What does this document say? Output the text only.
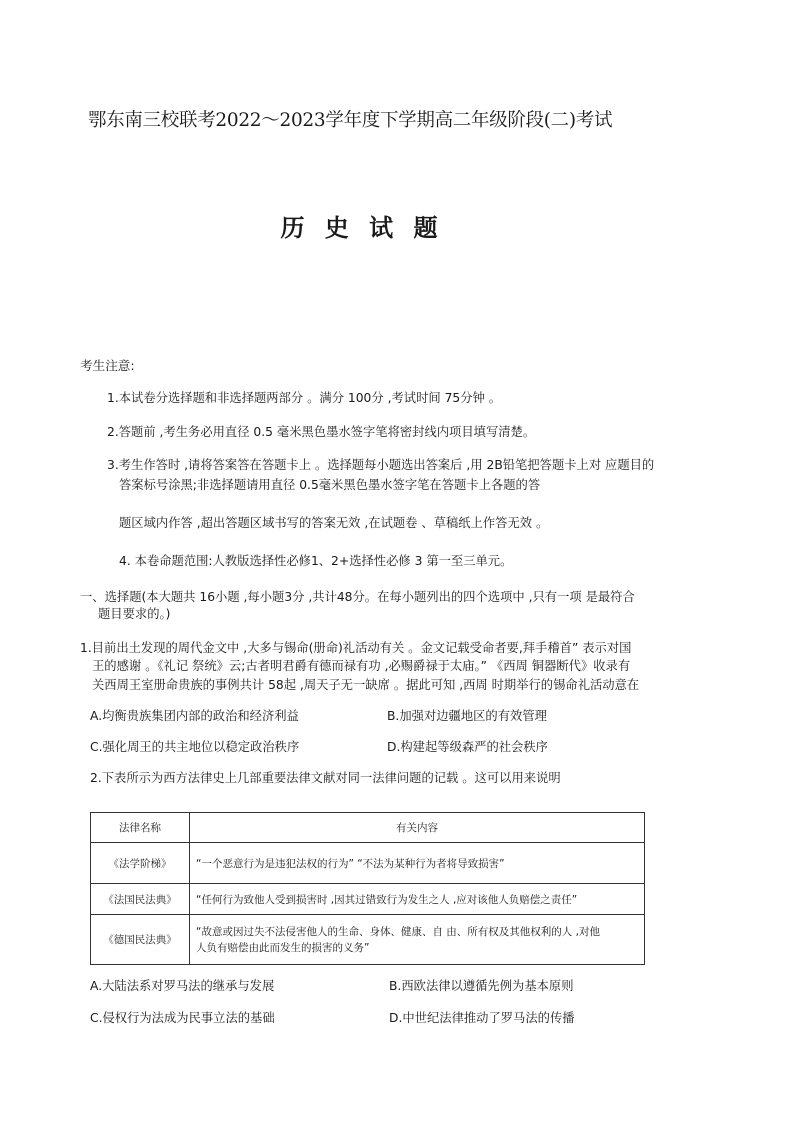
鄂东南三校联考2022～2023学年度下学期高二年级阶段(二)考试
历 史 试 题
考生注意:
1.本试卷分选择题和非选择题两部分 。满分 100分 ,考试时间 75分钟 。
2.答题前 ,考生务必用直径 0.5 毫米黑色墨水签字笔将密封线内项目填写清楚。
3.考生作答时 ,请将答案答在答题卡上 。选择题每小题选出答案后 ,用 2B铅笔把答题卡上对 应题目的
答案标号涂黑;非选择题请用直径 0.5毫米黑色墨水签字笔在答题卡上各题的答
题区域内作答 ,超出答题区域书写的答案无效 ,在试题卷 、草稿纸上作答无效 。
4. 本卷命题范围:人教版选择性必修1、2+选择性必修 3 第一至三单元。
一、选择题(本大题共 16小题 ,每小题3分 ,共计48分。在每小题列出的四个选项中 ,只有一项 是最符合
题目要求的。)
1.目前出土发现的周代金文中 ,大多与锡命(册命)礼活动有关 。金文记载受命者要,拜手稽首” 表示对国
王的感谢 。《礼记 祭统》云;古者明君爵有德而禄有功 ,必赐爵禄于太庙。” 《西周 铜器断代》收录有
关西周王室册命贵族的事例共计 58起 ,周天子无一缺席 。据此可知 ,西周 时期举行的锡命礼活动意在
A.均衡贵族集团内部的政治和经济利益	B.加强对边疆地区的有效管理
C.强化周王的共主地位以稳定政治秩序	D.构建起等级森严的社会秩序
2.下表所示为西方法律史上几部重要法律文献对同一法律问题的记载 。这可以用来说明
法律名称	有关内容
《法学阶梯》	“一个恶意行为是违犯法权的行为” “不法为某种行为者将导致损害”
《法国民法典》	“任何行为致他人受到损害时 ,因其过错致行为发生之人 ,应对该他人负赔偿之责任”
《德国民法典》	“故意或因过失不法侵害他人的生命、身体、健康、自 由、所有权及其他权利的人 ,对他
人负有赔偿由此而发生的损害的义务”
A.大陆法系对罗马法的继承与发展	B.西欧法律以遵循先例为基本原则
C.侵权行为法成为民事立法的基础	D.中世纪法律推动了罗马法的传播
